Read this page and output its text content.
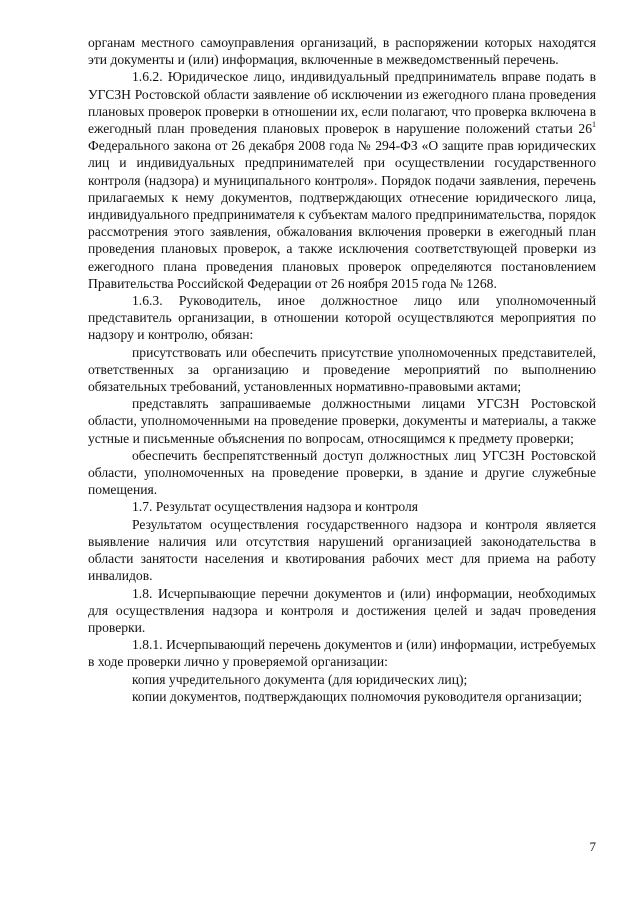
органам местного самоуправления организаций, в распоряжении которых находятся эти документы и (или) информация, включенные в межведомственный перечень.

1.6.2. Юридическое лицо, индивидуальный предприниматель вправе подать в УГСЗН Ростовской области заявление об исключении из ежегодного плана проведения плановых проверок проверки в отношении их, если полагают, что проверка включена в ежегодный план проведения плановых проверок в нарушение положений статьи $26^1$ Федерального закона от 26 декабря 2008 года № 294-ФЗ «О защите прав юридических лиц и индивидуальных предпринимателей при осуществлении государственного контроля (надзора) и муниципального контроля». Порядок подачи заявления, перечень прилагаемых к нему документов, подтверждающих отнесение юридического лица, индивидуального предпринимателя к субъектам малого предпринимательства, порядок рассмотрения этого заявления, обжалования включения проверки в ежегодный план проведения плановых проверок, а также исключения соответствующей проверки из ежегодного плана проведения плановых проверок определяются постановлением Правительства Российской Федерации от 26 ноября 2015 года № 1268.

1.6.3. Руководитель, иное должностное лицо или уполномоченный представитель организации, в отношении которой осуществляются мероприятия по надзору и контролю, обязан:

присутствовать или обеспечить присутствие уполномоченных представителей, ответственных за организацию и проведение мероприятий по выполнению обязательных требований, установленных нормативно-правовыми актами;

представлять запрашиваемые должностными лицами УГСЗН Ростовской области, уполномоченными на проведение проверки, документы и материалы, а также устные и письменные объяснения по вопросам, относящимся к предмету проверки;

обеспечить беспрепятственный доступ должностных лиц УГСЗН Ростовской области, уполномоченных на проведение проверки, в здание и другие служебные помещения.

1.7. Результат осуществления надзора и контроля

Результатом осуществления государственного надзора и контроля является выявление наличия или отсутствия нарушений организацией законодательства в области занятости населения и квотирования рабочих мест для приема на работу инвалидов.

1.8. Исчерпывающие перечни документов и (или) информации, необходимых для осуществления надзора и контроля и достижения целей и задач проведения проверки.

1.8.1. Исчерпывающий перечень документов и (или) информации, истребуемых в ходе проверки лично у проверяемой организации:

копия учредительного документа (для юридических лиц);

копии документов, подтверждающих полномочия руководителя организации;

7
